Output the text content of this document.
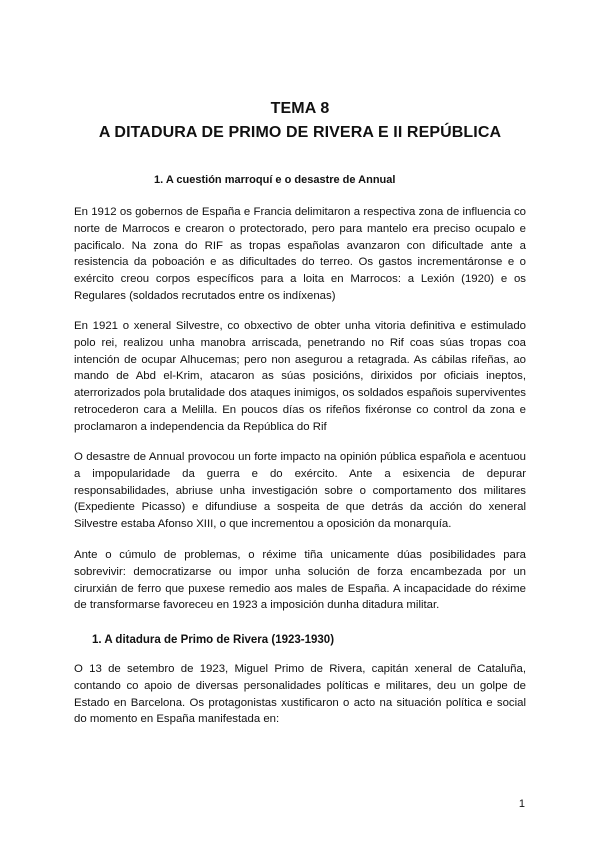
TEMA 8
A DITADURA DE PRIMO DE RIVERA E II REPÚBLICA
1. A cuestión marroquí e o desastre de Annual

En 1912 os gobernos de España e Francia delimitaron a respectiva zona de influencia co norte de Marrocos e crearon o protectorado, pero para mantelo era preciso ocupalo e pacificalo. Na zona do RIF as tropas españolas avanzaron con dificultade ante a resistencia da poboación e as dificultades do terreo. Os gastos incrementáronse e o exército creou corpos específicos para a loita en Marrocos: a Lexión (1920) e os Regulares (soldados recrutados entre os indíxenas)

En 1921 o xeneral Silvestre, co obxectivo de obter unha vitoria definitiva e estimulado polo rei, realizou unha manobra arriscada, penetrando no Rif coas súas tropas coa intención de ocupar Alhucemas; pero non asegurou a retagrada. As cábilas rifeñas, ao mando de Abd el-Krim, atacaron as súas posicións, dirixidos por oficiais ineptos, aterrorizados pola brutalidade dos ataques inimigos, os soldados españois superviventes retrocederon cara a Melilla. En poucos días os rifeños fixéronse co control da zona e proclamaron a independencia da República do Rif

O desastre de Annual provocou un forte impacto na opinión pública española e acentuou a impopularidade da guerra e do exército. Ante a esixencia de depurar responsabilidades, abriuse unha investigación sobre o comportamento dos militares (Expediente Picasso) e difundiuse a sospeita de que detrás da acción do xeneral Silvestre estaba Afonso XIII, o que incrementou a oposición da monarquía.

Ante o cúmulo de problemas, o réxime tiña unicamente dúas posibilidades para sobrevivir: democratizarse ou impor unha solución de forza encambezada por un cirurxián de ferro que puxese remedio aos males de España. A incapacidade do réxime de transformarse favoreceu en 1923 a imposición dunha ditadura militar.

1. A ditadura de Primo de Rivera (1923-1930)

O 13 de setembro de 1923, Miguel Primo de Rivera, capitán xeneral de Cataluña, contando co apoio de diversas personalidades políticas e militares, deu un golpe de Estado en Barcelona. Os protagonistas xustificaron o acto na situación política e social do momento en España manifestada en:

1
